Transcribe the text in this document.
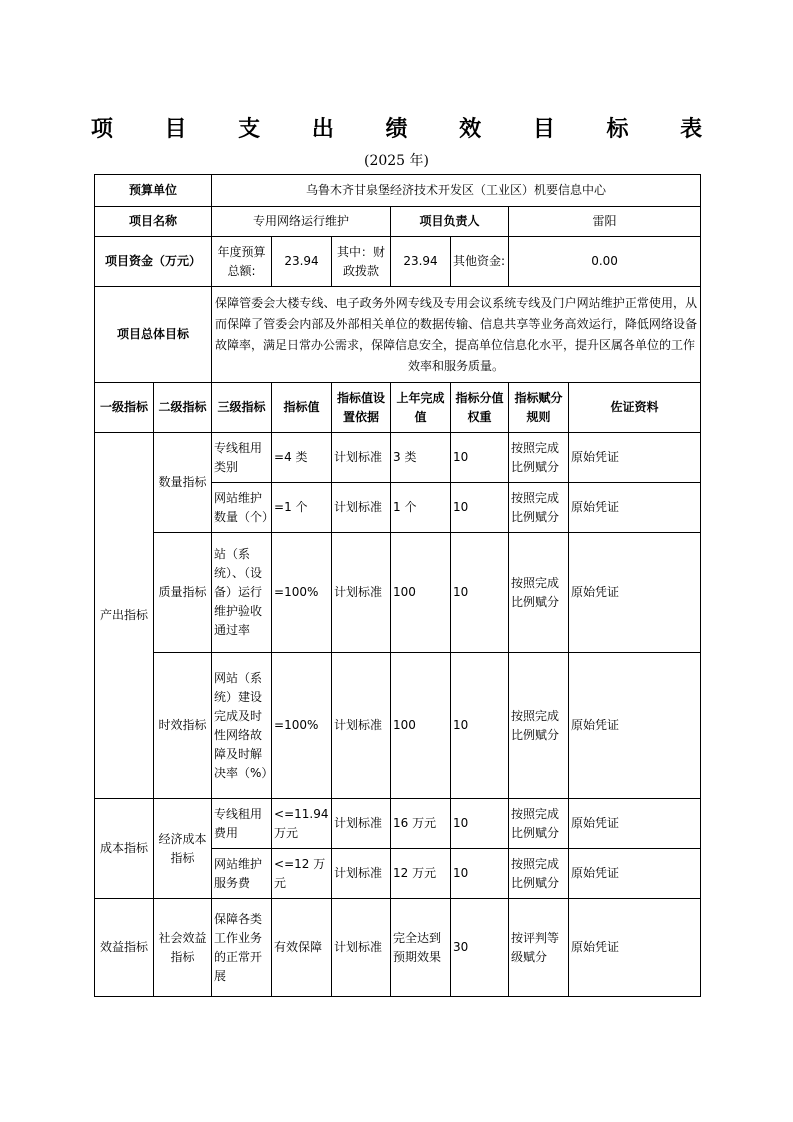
项 目 支 出 绩 效 目 标 表
(2025 年)
预算单位		乌鲁木齐甘泉堡经济技术开发区（工业区）机要信息中心						
项目名称		专用网络运行维护			项目负责人		雷阳	
项目资金（万元）		年度预算总额:	23.94	其中：财政拨款	23.94	其他资金:	0.00	
项目总体目标		保障管委会大楼专线、电子政务外网专线及专用会议系统专线及门户网站维护正常使用，从而保障了管委会内部及外部相关单位的数据传输、信息共享等业务高效运行，降低网络设备故障率，满足日常办公需求，保障信息安全，提高单位信息化水平，提升区属各单位的工作
效率和服务质量。						

一级指标	二级指标	三级指标	指标值	指标值设置依据	上年完成值	指标分值权重	指标赋分规则	佐证资料
产出指标	数量指标	专线租用类别	=4 类	计划标准	3 类	10	按照完成比例赋分	原始凭证
		网站维护数量（个）	=1 个	计划标准	1 个	10	按照完成比例赋分	原始凭证
	质量指标	站（系统）、（设备）运行维护验收通过率	=100%	计划标准	100	10	按照完成比例赋分	原始凭证
	时效指标	网站（系统）建设完成及时性网络故障及时解决率（%）	=100%	计划标准	100	10	按照完成比例赋分	原始凭证
成本指标	经济成本指标	专线租用费用	<=11.94 万元	计划标准	16 万元	10	按照完成比例赋分	原始凭证
		网站维护服务费	<=12 万元	计划标准	12 万元	10	按照完成比例赋分	原始凭证
效益指标	社会效益指标	保障各类工作业务的正常开展	有效保障	计划标准	完全达到预期效果	30	按评判等级赋分	原始凭证
